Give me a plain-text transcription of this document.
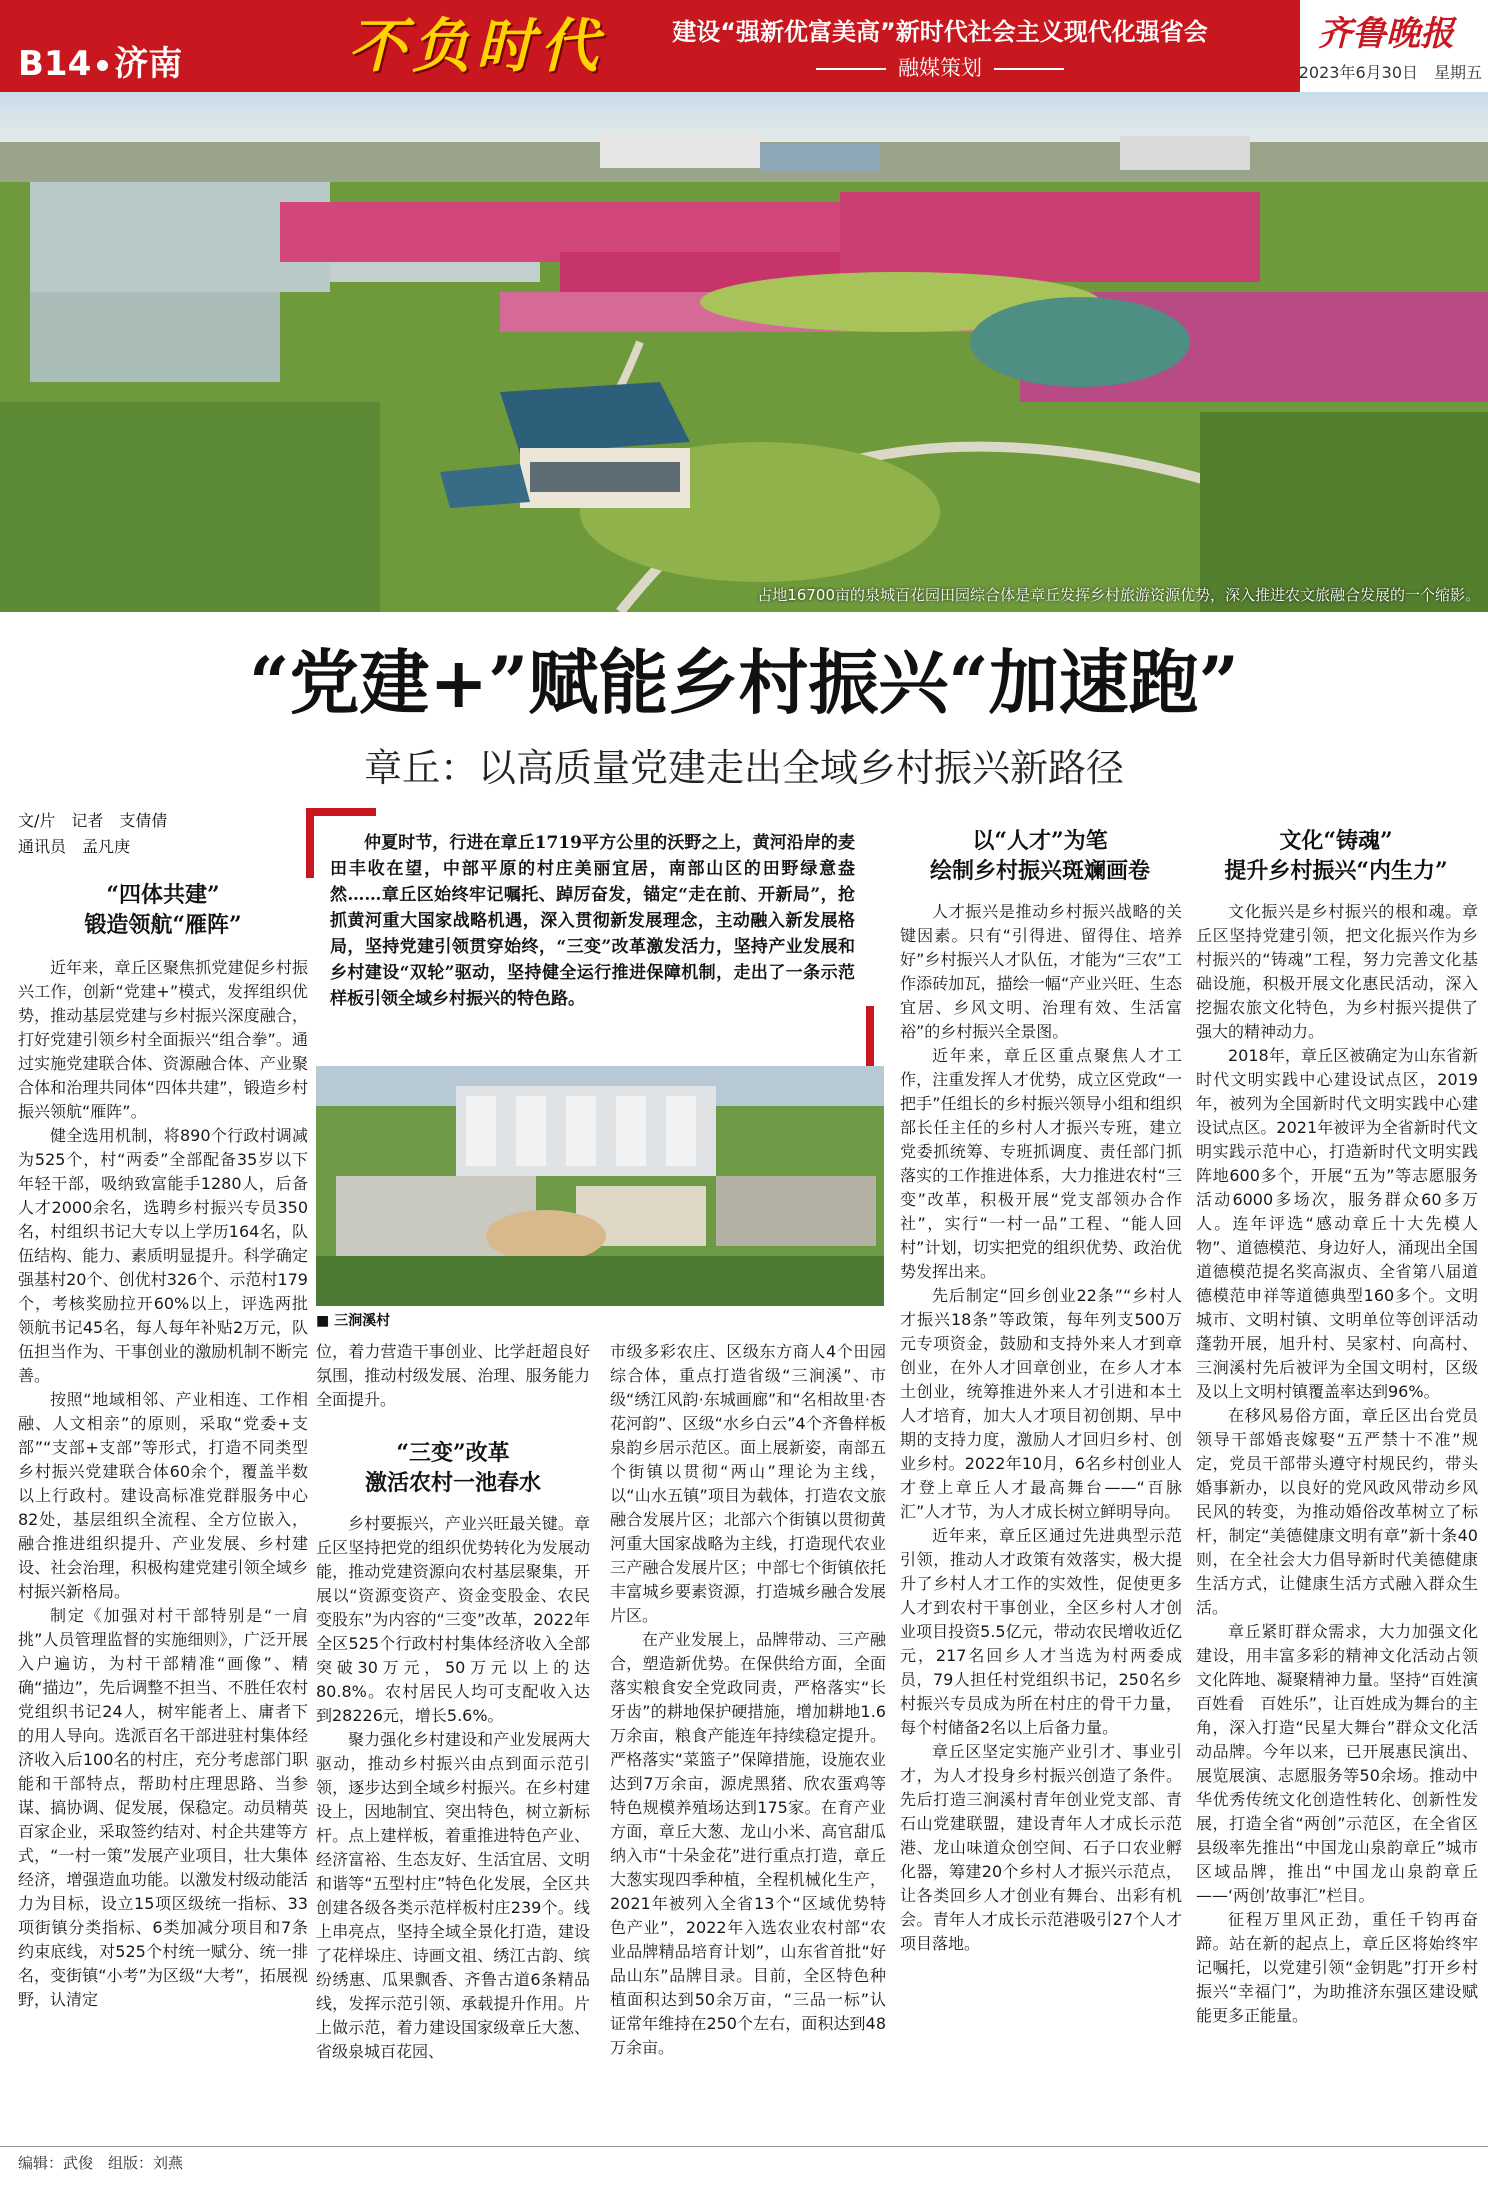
B14 济南	不负时代	建设“强新优富美高”新时代社会主义现代化强省会
融媒策划
齐鲁晚报
2023年6月30日　星期五
占地16700亩的泉城百花园田园综合体是章丘发挥乡村旅游资源优势，深入推进农文旅融合发展的一个缩影。
“党建+”赋能乡村振兴“加速跑”
章丘：以高质量党建走出全域乡村振兴新路径
文/片　记者　支倩倩
通讯员　孟凡庚	仲夏时节，行进在章丘1719平方公里的沃野之上，黄河沿岸的麦田丰收在望，中部平原的村庄美丽宜居，南部山区的田野绿意盎然……章丘区始终牢记嘱托、踔厉奋发，锚定“走在前、开新局”，抢抓黄河重大国家战略机遇，深入贯彻新发展理念，主动融入新发展格局，坚持党建引领贯穿始终，“三变”改革激发活力，坚持产业发展和乡村建设“双轮”驱动，坚持健全运行推进保障机制，走出了一条示范样板引领全域乡村振兴的特色路。

■ 三涧溪村
“四体共建”
锻造领航“雁阵”

近年来，章丘区聚焦抓党建促乡村振兴工作，创新“党建+”模式，发挥组织优势，推动基层党建与乡村振兴深度融合，打好党建引领乡村全面振兴“组合拳”。通过实施党建联合体、资源融合体、产业聚合体和治理共同体“四体共建”，锻造乡村振兴领航“雁阵”。

健全选用机制，将890个行政村调减为525个，村“两委”全部配备35岁以下年轻干部，吸纳致富能手1280人，后备人才2000余名，选聘乡村振兴专员350名，村组织书记大专以上学历164名，队伍结构、能力、素质明显提升。科学确定强基村20个、创优村326个、示范村179个，考核奖励拉开60%以上，评选两批领航书记45名，每人每年补贴2万元，队伍担当作为、干事创业的激励机制不断完善。

按照“地域相邻、产业相连、工作相融、人文相亲”的原则，采取“党委+支部”“支部+支部”等形式，打造不同类型乡村振兴党建联合体60余个，覆盖半数以上行政村。建设高标准党群服务中心82处，基层组织全流程、全方位嵌入，融合推进组织提升、产业发展、乡村建设、社会治理，积极构建党建引领全域乡村振兴新格局。

制定《加强对村干部特别是“一肩挑”人员管理监督的实施细则》，广泛开展入户遍访，为村干部精准“画像”、精确“描边”，先后调整不担当、不胜任农村党组织书记24人，树牢能者上、庸者下的用人导向。选派百名干部进驻村集体经济收入后100名的村庄，充分考虑部门职能和干部特点，帮助村庄理思路、当参谋、搞协调、促发展，保稳定。动员精英百家企业，采取签约结对、村企共建等方式，“一村一策”发展产业项目，壮大集体经济，增强造血功能。以激发村级动能活力为目标，设立15项区级统一指标、33项街镇分类指标、6类加减分项目和7条约束底线，对525个村统一赋分、统一排名，变街镇“小考”为区级“大考”，拓展视野，认清定

位，着力营造干事创业、比学赶超良好氛围，推动村级发展、治理、服务能力全面提升。

“三变”改革
激活农村一池春水

乡村要振兴，产业兴旺最关键。章丘区坚持把党的组织优势转化为发展动能，推动党建资源向农村基层聚集，开展以“资源变资产、资金变股金、农民变股东”为内容的“三变”改革，2022年全区525个行政村村集体经济收入全部突破30万元，50万元以上的达80.8%。农村居民人均可支配收入达到28226元，增长5.6%。

聚力强化乡村建设和产业发展两大驱动，推动乡村振兴由点到面示范引领，逐步达到全域乡村振兴。在乡村建设上，因地制宜、突出特色，树立新标杆。点上建样板，着重推进特色产业、经济富裕、生态友好、生活宜居、文明和谐等“五型村庄”特色化发展，全区共创建各级各类示范样板村庄239个。线上串亮点，坚持全域全景化打造，建设了花样垛庄、诗画文祖、绣江古韵、缤纷绣惠、瓜果飘香、齐鲁古道6条精品线，发挥示范引领、承载提升作用。片上做示范，着力建设国家级章丘大葱、省级泉城百花园、

市级多彩农庄、区级东方商人4个田园综合体，重点打造省级“三涧溪”、市级“绣江风韵·东城画廊”和“名相故里·杏花河韵”、区级“水乡白云”4个齐鲁样板泉韵乡居示范区。面上展新姿，南部五个街镇以贯彻“两山”理论为主线，以“山水五镇”项目为载体，打造农文旅融合发展片区；北部六个街镇以贯彻黄河重大国家战略为主线，打造现代农业三产融合发展片区；中部七个街镇依托丰富城乡要素资源，打造城乡融合发展片区。

在产业发展上，品牌带动、三产融合，塑造新优势。在保供给方面，全面落实粮食安全党政同责，严格落实“长牙齿”的耕地保护硬措施，增加耕地1.6万余亩，粮食产能连年持续稳定提升。严格落实“菜篮子”保障措施，设施农业达到7万余亩，源虎黑猪、欣农蛋鸡等特色规模养殖场达到175家。在育产业方面，章丘大葱、龙山小米、高官甜瓜纳入市“十朵金花”进行重点打造，章丘大葱实现四季种植，全程机械化生产，2021年被列入全省13个“区域优势特色产业”，2022年入选农业农村部“农业品牌精品培育计划”，山东省首批“好品山东”品牌目录。目前，全区特色种植面积达到50余万亩，“三品一标”认证常年维持在250个左右，面积达到48万余亩。

以“人才”为笔
绘制乡村振兴斑斓画卷

人才振兴是推动乡村振兴战略的关键因素。只有“引得进、留得住、培养好”乡村振兴人才队伍，才能为“三农”工作添砖加瓦，描绘一幅“产业兴旺、生态宜居、乡风文明、治理有效、生活富裕”的乡村振兴全景图。

近年来，章丘区重点聚焦人才工作，注重发挥人才优势，成立区党政“一把手”任组长的乡村振兴领导小组和组织部长任主任的乡村人才振兴专班，建立党委抓统筹、专班抓调度、责任部门抓落实的工作推进体系，大力推进农村“三变”改革，积极开展“党支部领办合作社”，实行“一村一品”工程、“能人回村”计划，切实把党的组织优势、政治优势发挥出来。

先后制定“回乡创业22条”“乡村人才振兴18条”等政策，每年列支500万元专项资金，鼓励和支持外来人才到章创业，在外人才回章创业，在乡人才本土创业，统筹推进外来人才引进和本土人才培育，加大人才项目初创期、早中期的支持力度，激励人才回归乡村、创业乡村。2022年10月，6名乡村创业人才登上章丘人才最高舞台——“百脉汇”人才节，为人才成长树立鲜明导向。

近年来，章丘区通过先进典型示范引领，推动人才政策有效落实，极大提升了乡村人才工作的实效性，促使更多人才到农村干事创业，全区乡村人才创业项目投资5.5亿元，带动农民增收近亿元，217名回乡人才当选为村两委成员，79人担任村党组织书记，250名乡村振兴专员成为所在村庄的骨干力量，每个村储备2名以上后备力量。

章丘区坚定实施产业引才、事业引才，为人才投身乡村振兴创造了条件。先后打造三涧溪村青年创业党支部、青石山党建联盟，建设青年人才成长示范港、龙山味道众创空间、石子口农业孵化器，筹建20个乡村人才振兴示范点，让各类回乡人才创业有舞台、出彩有机会。青年人才成长示范港吸引27个人才项目落地。

文化“铸魂”
提升乡村振兴“内生力”

文化振兴是乡村振兴的根和魂。章丘区坚持党建引领，把文化振兴作为乡村振兴的“铸魂”工程，努力完善文化基础设施，积极开展文化惠民活动，深入挖掘农旅文化特色，为乡村振兴提供了强大的精神动力。

2018年，章丘区被确定为山东省新时代文明实践中心建设试点区，2019年，被列为全国新时代文明实践中心建设试点区。2021年被评为全省新时代文明实践示范中心，打造新时代文明实践阵地600多个，开展“五为”等志愿服务活动6000多场次，服务群众60多万人。连年评选“感动章丘十大先模人物”、道德模范、身边好人，涌现出全国道德模范提名奖高淑贞、全省第八届道德模范申祥等道德典型160多个。文明城市、文明村镇、文明单位等创评活动蓬勃开展，旭升村、吴家村、向高村、三涧溪村先后被评为全国文明村，区级及以上文明村镇覆盖率达到96%。

在移风易俗方面，章丘区出台党员领导干部婚丧嫁娶“五严禁十不准”规定，党员干部带头遵守村规民约，带头婚事新办，以良好的党风政风带动乡风民风的转变，为推动婚俗改革树立了标杆，制定“美德健康文明有章”新十条40则，在全社会大力倡导新时代美德健康生活方式，让健康生活方式融入群众生活。

章丘紧盯群众需求，大力加强文化建设，用丰富多彩的精神文化活动占领文化阵地、凝聚精神力量。坚持“百姓演　百姓看　百姓乐”，让百姓成为舞台的主角，深入打造“民星大舞台”群众文化活动品牌。今年以来，已开展惠民演出、展览展演、志愿服务等50余场。推动中华优秀传统文化创造性转化、创新性发展，打造全省“两创”示范区，在全省区县级率先推出“中国龙山泉韵章丘”城市区域品牌，推出“中国龙山泉韵章丘——‘两创’故事汇”栏目。

征程万里风正劲，重任千钧再奋蹄。站在新的起点上，章丘区将始终牢记嘱托，以党建引领“金钥匙”打开乡村振兴“幸福门”，为助推济东强区建设赋能更多正能量。

编辑：武俊　组版：刘燕
